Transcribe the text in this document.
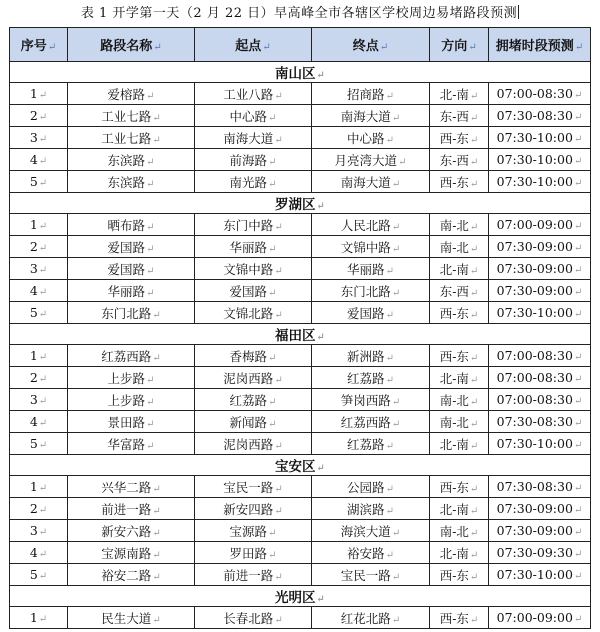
表 1 开学第一天（2 月 22 日）早高峰全市各辖区学校周边易堵路段预测
序号↵	路段名称↵	起点↵	终点↵	方向↵	拥堵时段预测↵
南山区↵					
1↵	爱榕路↵	工业八路↵	招商路↵	北-南↵	07:00-08:30↵
2↵	工业七路↵	中心路↵	南海大道↵	东-西↵	07:30-08:30↵
3↵	工业七路↵	南海大道↵	中心路↵	西-东↵	07:30-10:00↵
4↵	东滨路↵	前海路↵	月亮湾大道↵	东-西↵	07:30-10:00↵
5↵	东滨路↵	南光路↵	南海大道↵	西-东↵	07:30-10:00↵
罗湖区↵					
1↵	晒布路↵	东门中路↵	人民北路↵	南-北↵	07:00-09:00↵
2↵	爱国路↵	华丽路↵	文锦中路↵	南-北↵	07:30-09:00↵
3↵	爱国路↵	文锦中路↵	华丽路↵	北-南↵	07:30-09:00↵
4↵	华丽路↵	爱国路↵	东门北路↵	东-西↵	07:30-09:00↵
5↵	东门北路↵	文锦北路↵	爱国路↵	西-东↵	07:30-10:00↵
福田区↵					
1↵	红荔西路↵	香梅路↵	新洲路↵	西-东↵	07:00-08:30↵
2↵	上步路↵	泥岗西路↵	红荔路↵	北-南↵	07:00-08:30↵
3↵	上步路↵	红荔路↵	笋岗西路↵	南-北↵	07:00-08:30↵
4↵	景田路↵	新闻路↵	红荔西路↵	南-北↵	07:30-08:30↵
5↵	华富路↵	泥岗西路↵	红荔路↵	北-南↵	07:30-10:00↵
宝安区↵					
1↵	兴华二路↵	宝民一路↵	公园路↵	西-东↵	07:30-08:30↵
2↵	前进一路↵	新安四路↵	湖滨路↵	北-南↵	07:30-09:00↵
3↵	新安六路↵	宝源路↵	海滨大道↵	南-北↵	07:30-09:00↵
4↵	宝源南路↵	罗田路↵	裕安路↵	北-南↵	07:30-09:30↵
5↵	裕安二路↵	前进一路↵	宝民一路↵	西-东↵	07:30-10:00↵
光明区↵					
1↵	民生大道↵	长春北路↵	红花北路↵	西-东↵	07:00-09:00↵
